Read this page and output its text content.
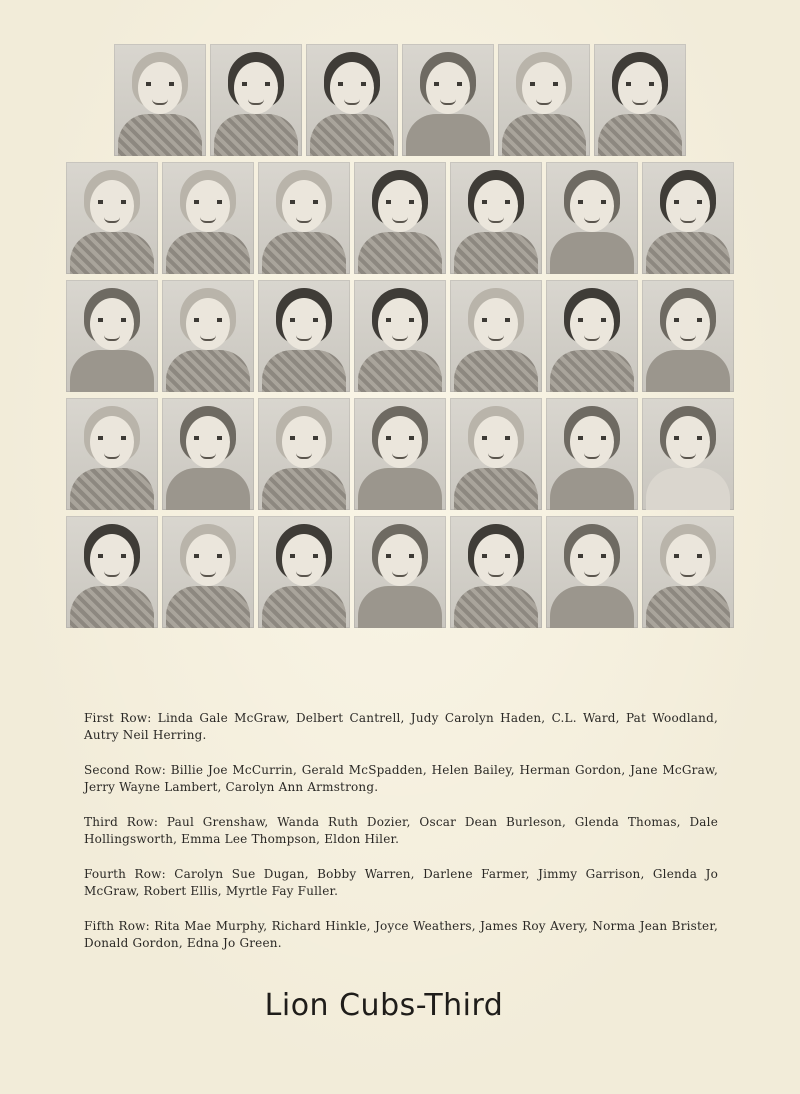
First Row: Linda Gale McGraw, Delbert Cantrell, Judy Carolyn Haden, C.L. Ward, Pat Woodland, Autry Neil Herring.

Second Row: Billie Joe McCurrin, Gerald McSpadden, Helen Bailey, Herman Gordon, Jane McGraw, Jerry Wayne Lambert, Carolyn Ann Armstrong.

Third Row: Paul Grenshaw, Wanda Ruth Dozier, Oscar Dean Burleson, Glenda Thomas, Dale Hollingsworth, Emma Lee Thompson, Eldon Hiler.

Fourth Row: Carolyn Sue Dugan, Bobby Warren, Darlene Farmer, Jimmy Garrison, Glenda Jo McGraw, Robert Ellis, Myrtle Fay Fuller.

Fifth Row: Rita Mae Murphy, Richard Hinkle, Joyce Weathers, James Roy Avery, Norma Jean Brister, Donald Gordon, Edna Jo Green.

Lion Cubs-Third
